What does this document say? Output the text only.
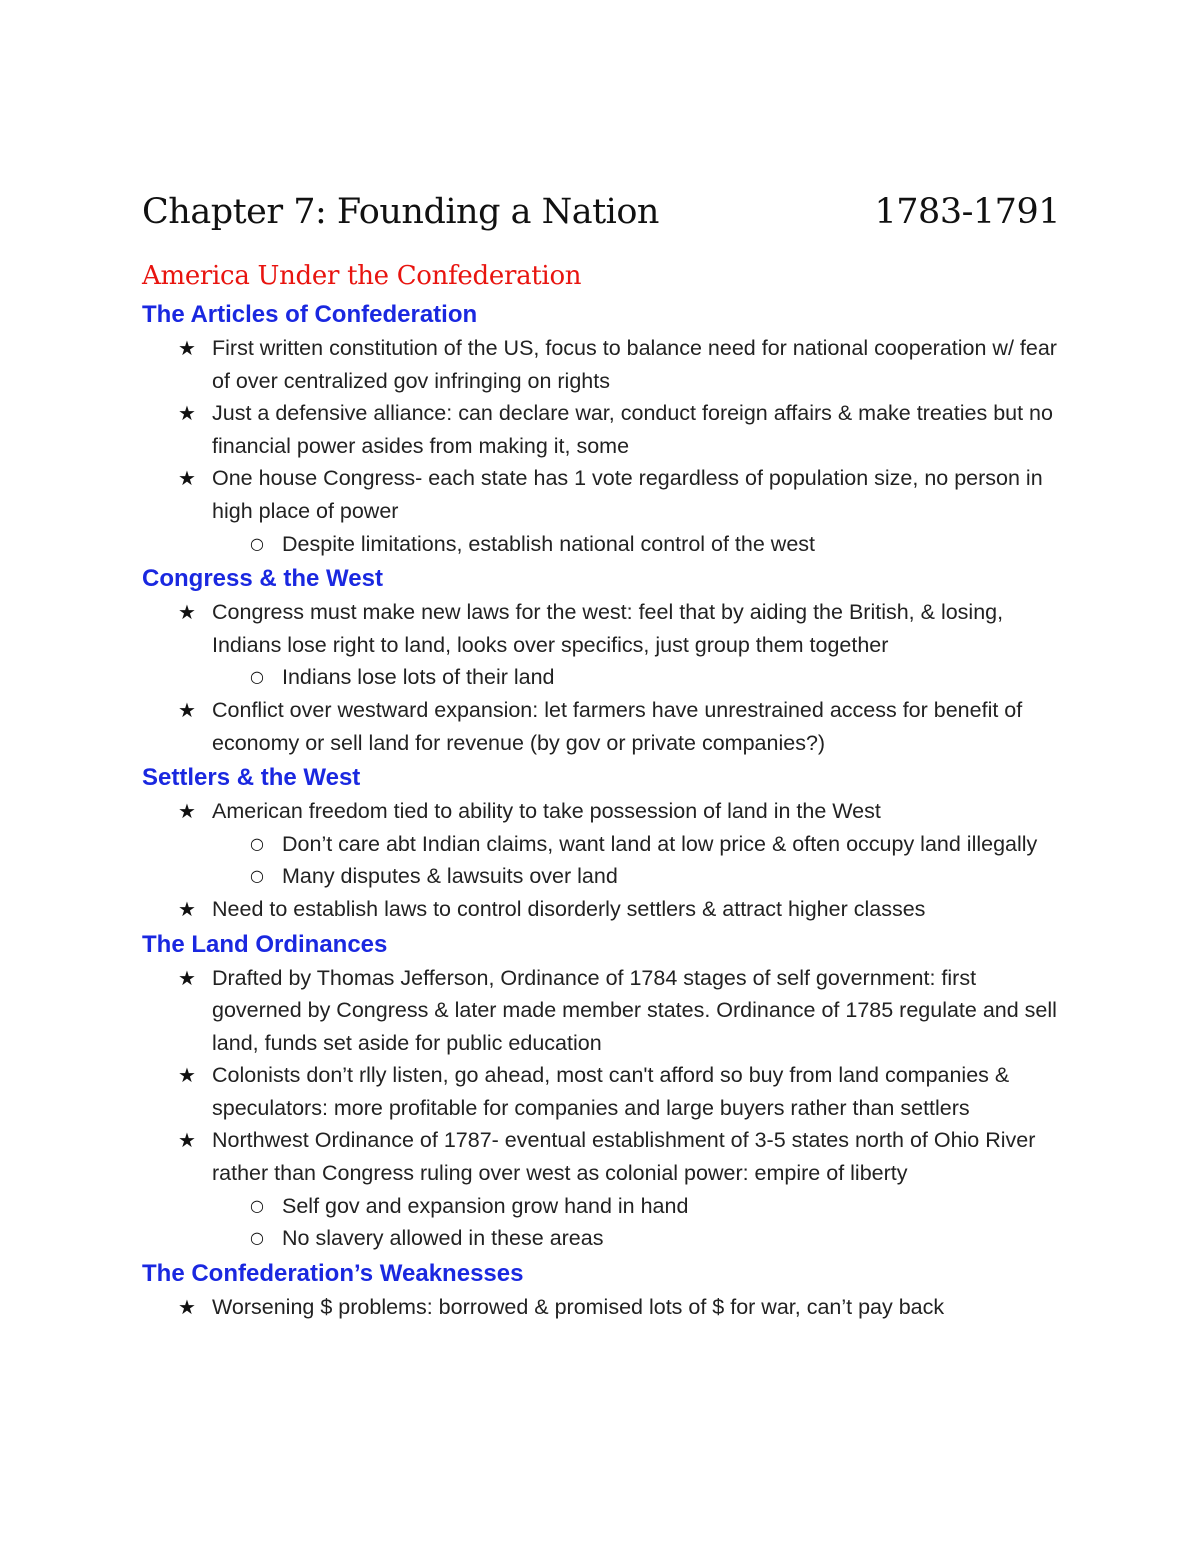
Chapter 7: Founding a Nation	1783-1791
America Under the Confederation
The Articles of Confederation
★ First written constitution of the US, focus to balance need for national cooperation w/ fear of over centralized gov infringing on rights
★ Just a defensive alliance: can declare war, conduct foreign affairs & make treaties but no financial power asides from making it, some
★ One house Congress- each state has 1 vote regardless of population size, no person in high place of power
○ Despite limitations, establish national control of the west
Congress & the West
★ Congress must make new laws for the west: feel that by aiding the British, & losing, Indians lose right to land, looks over specifics, just group them together
○ Indians lose lots of their land
★ Conflict over westward expansion: let farmers have unrestrained access for benefit of economy or sell land for revenue (by gov or private companies?)
Settlers & the West
★ American freedom tied to ability to take possession of land in the West
○ Don’t care abt Indian claims, want land at low price & often occupy land illegally
○ Many disputes & lawsuits over land
★ Need to establish laws to control disorderly settlers & attract higher classes
The Land Ordinances
★ Drafted by Thomas Jefferson, Ordinance of 1784 stages of self government: first governed by Congress & later made member states. Ordinance of 1785 regulate and sell land, funds set aside for public education
★ Colonists don’t rlly listen, go ahead, most can't afford so buy from land companies & speculators: more profitable for companies and large buyers rather than settlers
★ Northwest Ordinance of 1787- eventual establishment of 3-5 states north of Ohio River rather than Congress ruling over west as colonial power: empire of liberty
○ Self gov and expansion grow hand in hand
○ No slavery allowed in these areas
The Confederation’s Weaknesses
★ Worsening $ problems: borrowed & promised lots of $ for war, can’t pay back
